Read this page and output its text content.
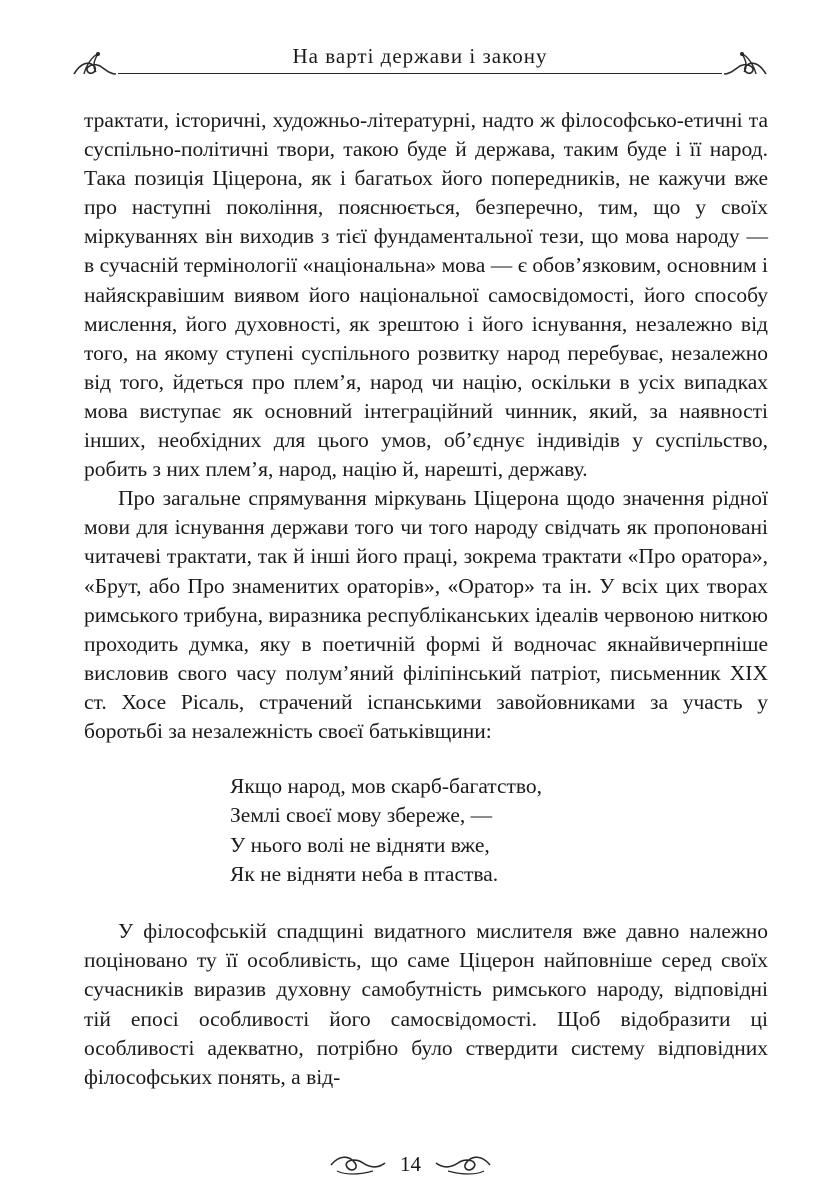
На варті держави і закону

трактати, історичні, художньо-літературні, надто ж філософсько-етичні та суспільно-політичні твори, такою буде й держава, таким буде і її народ. Така позиція Ціцерона, як і багатьох його попередників, не кажучи вже про наступні покоління, пояснюється, безперечно, тим, що у своїх міркуваннях він виходив з тієї фундаментальної тези, що мова народу — в сучасній термінології «національна» мова — є обов’язковим, основним і найяскравішим виявом його національної самосвідомості, його способу мислення, його духовності, як зрештою і його існування, незалежно від того, на якому ступені суспільного розвитку народ перебуває, незалежно від того, йдеться про плем’я, народ чи націю, оскільки в усіх випадках мова виступає як основний інтеграційний чинник, який, за наявності інших, необхідних для цього умов, об’єднує індивідів у суспільство, робить з них плем’я, народ, націю й, нарешті, державу.

Про загальне спрямування міркувань Ціцерона щодо значення рідної мови для існування держави того чи того народу свідчать як пропоновані читачеві трактати, так й інші його праці, зокрема трактати «Про оратора», «Брут, або Про знаменитих ораторів», «Оратор» та ін. У всіх цих творах римського трибуна, виразника республіканських ідеалів червоною ниткою проходить думка, яку в поетичній формі й водночас якнайвичерпніше висловив свого часу полум’яний філіпінський патріот, письменник XIX ст. Хосе Рісаль, страчений іспанськими завойовниками за участь у боротьбі за незалежність своєї батьківщини:

Якщо народ, мов скарб-багатство,
Землі своєї мову збереже, —
У нього волі не відняти вже,
Як не відняти неба в птаства.

У філософській спадщині видатного мислителя вже давно належно поціновано ту її особливість, що саме Ціцерон найповніше серед своїх сучасників виразив духовну самобутність римського народу, відповідні тій епосі особливості його самосвідомості. Щоб відобразити ці особливості адекватно, потрібно було ствердити систему відповідних філософських понять, а від-

14
